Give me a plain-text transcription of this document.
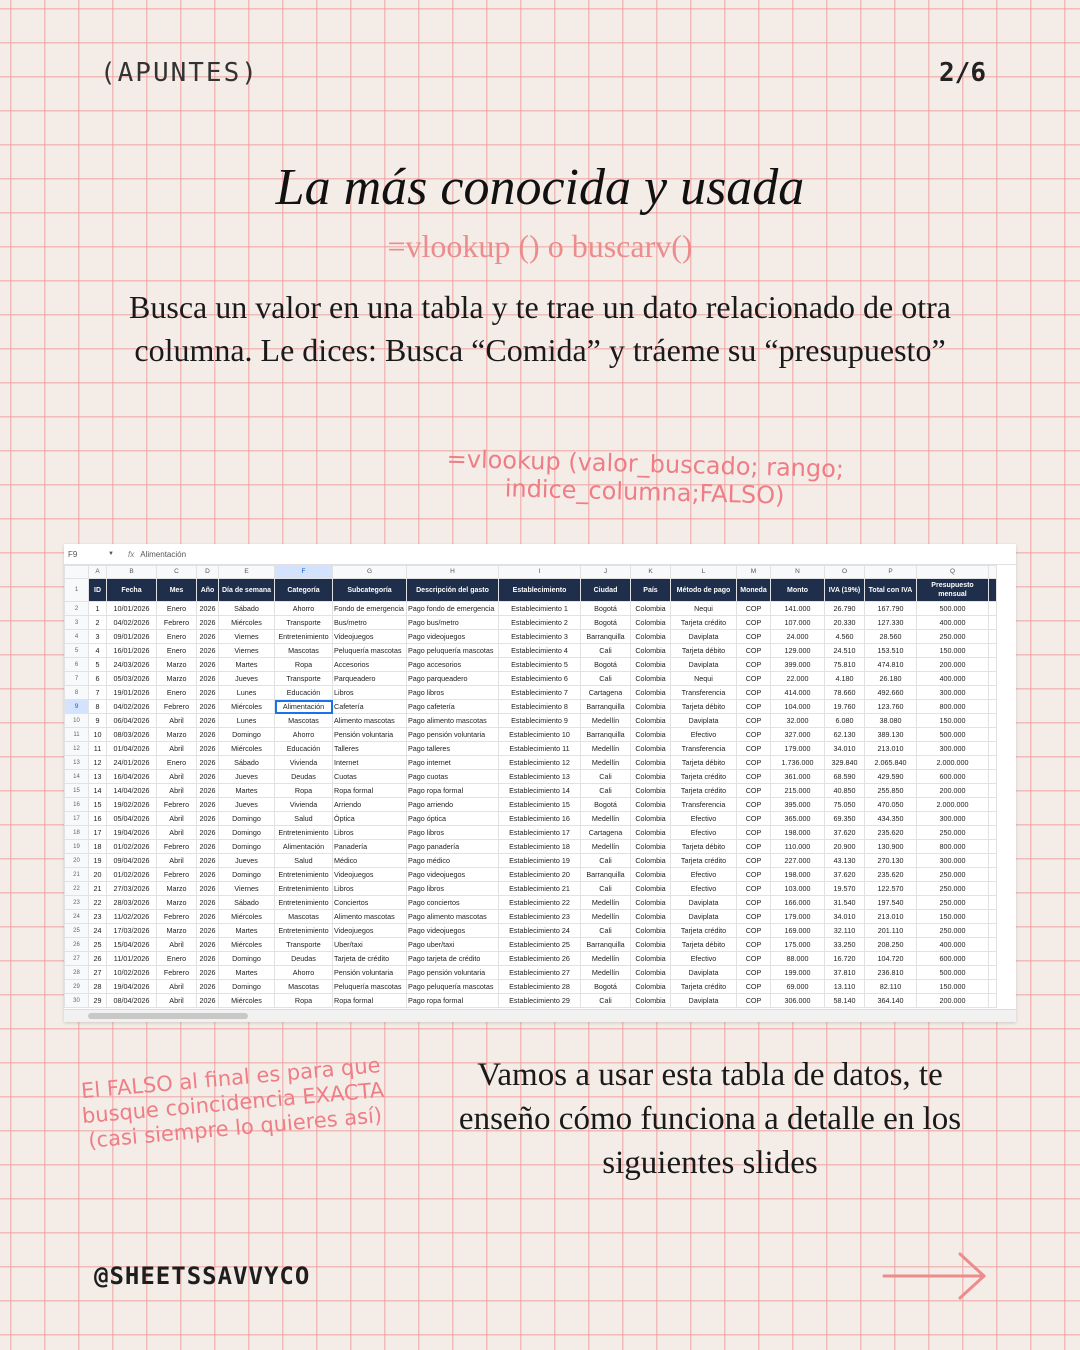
(APUNTES)	2/6
La más conocida y usada
=vlookup () o buscarv()
Busca un valor en una tabla y te trae un dato relacionado de otra columna. Le dices: Busca “Comida” y tráeme su “presupuesto”
=vlookup (valor_buscado; rango;
indice_columna;FALSO)
F9	▼	fx Alimentación
	A	B	C	D	E	F	G	H	I	J	K	L	M	N	O	P	Q	
1	ID	Fecha	Mes	Año	Día de semana	Categoría	Subcategoría	Descripción del gasto	Establecimiento	Ciudad	País	Método de pago	Moneda	Monto	IVA (19%)	Total con IVA	Presupuesto mensual	
2	1	10/01/2026	Enero	2026	Sábado	Ahorro	Fondo de emergencia	Pago fondo de emergencia	Establecimiento 1	Bogotá	Colombia	Nequi	COP	141.000	26.790	167.790	500.000	
3	2	04/02/2026	Febrero	2026	Miércoles	Transporte	Bus/metro	Pago bus/metro	Establecimiento 2	Bogotá	Colombia	Tarjeta crédito	COP	107.000	20.330	127.330	400.000	
4	3	09/01/2026	Enero	2026	Viernes	Entretenimiento	Videojuegos	Pago videojuegos	Establecimiento 3	Barranquilla	Colombia	Daviplata	COP	24.000	4.560	28.560	250.000	
5	4	16/01/2026	Enero	2026	Viernes	Mascotas	Peluquería mascotas	Pago peluquería mascotas	Establecimiento 4	Cali	Colombia	Tarjeta débito	COP	129.000	24.510	153.510	150.000	
6	5	24/03/2026	Marzo	2026	Martes	Ropa	Accesorios	Pago accesorios	Establecimiento 5	Bogotá	Colombia	Daviplata	COP	399.000	75.810	474.810	200.000	
7	6	05/03/2026	Marzo	2026	Jueves	Transporte	Parqueadero	Pago parqueadero	Establecimiento 6	Cali	Colombia	Nequi	COP	22.000	4.180	26.180	400.000	
8	7	19/01/2026	Enero	2026	Lunes	Educación	Libros	Pago libros	Establecimiento 7	Cartagena	Colombia	Transferencia	COP	414.000	78.660	492.660	300.000	
9	8	04/02/2026	Febrero	2026	Miércoles	Alimentación	Cafetería	Pago cafetería	Establecimiento 8	Barranquilla	Colombia	Tarjeta débito	COP	104.000	19.760	123.760	800.000	
10	9	06/04/2026	Abril	2026	Lunes	Mascotas	Alimento mascotas	Pago alimento mascotas	Establecimiento 9	Medellín	Colombia	Daviplata	COP	32.000	6.080	38.080	150.000	
11	10	08/03/2026	Marzo	2026	Domingo	Ahorro	Pensión voluntaria	Pago pensión voluntaria	Establecimiento 10	Barranquilla	Colombia	Efectivo	COP	327.000	62.130	389.130	500.000	
12	11	01/04/2026	Abril	2026	Miércoles	Educación	Talleres	Pago talleres	Establecimiento 11	Medellín	Colombia	Transferencia	COP	179.000	34.010	213.010	300.000	
13	12	24/01/2026	Enero	2026	Sábado	Vivienda	Internet	Pago internet	Establecimiento 12	Medellín	Colombia	Tarjeta débito	COP	1.736.000	329.840	2.065.840	2.000.000	
14	13	16/04/2026	Abril	2026	Jueves	Deudas	Cuotas	Pago cuotas	Establecimiento 13	Cali	Colombia	Tarjeta crédito	COP	361.000	68.590	429.590	600.000	
15	14	14/04/2026	Abril	2026	Martes	Ropa	Ropa formal	Pago ropa formal	Establecimiento 14	Cali	Colombia	Tarjeta crédito	COP	215.000	40.850	255.850	200.000	
16	15	19/02/2026	Febrero	2026	Jueves	Vivienda	Arriendo	Pago arriendo	Establecimiento 15	Bogotá	Colombia	Transferencia	COP	395.000	75.050	470.050	2.000.000	
17	16	05/04/2026	Abril	2026	Domingo	Salud	Óptica	Pago óptica	Establecimiento 16	Medellín	Colombia	Efectivo	COP	365.000	69.350	434.350	300.000	
18	17	19/04/2026	Abril	2026	Domingo	Entretenimiento	Libros	Pago libros	Establecimiento 17	Cartagena	Colombia	Efectivo	COP	198.000	37.620	235.620	250.000	
19	18	01/02/2026	Febrero	2026	Domingo	Alimentación	Panadería	Pago panadería	Establecimiento 18	Medellín	Colombia	Tarjeta débito	COP	110.000	20.900	130.900	800.000	
20	19	09/04/2026	Abril	2026	Jueves	Salud	Médico	Pago médico	Establecimiento 19	Cali	Colombia	Tarjeta crédito	COP	227.000	43.130	270.130	300.000	
21	20	01/02/2026	Febrero	2026	Domingo	Entretenimiento	Videojuegos	Pago videojuegos	Establecimiento 20	Barranquilla	Colombia	Efectivo	COP	198.000	37.620	235.620	250.000	
22	21	27/03/2026	Marzo	2026	Viernes	Entretenimiento	Libros	Pago libros	Establecimiento 21	Cali	Colombia	Efectivo	COP	103.000	19.570	122.570	250.000	
23	22	28/03/2026	Marzo	2026	Sábado	Entretenimiento	Conciertos	Pago conciertos	Establecimiento 22	Medellín	Colombia	Daviplata	COP	166.000	31.540	197.540	250.000	
24	23	11/02/2026	Febrero	2026	Miércoles	Mascotas	Alimento mascotas	Pago alimento mascotas	Establecimiento 23	Medellín	Colombia	Daviplata	COP	179.000	34.010	213.010	150.000	
25	24	17/03/2026	Marzo	2026	Martes	Entretenimiento	Videojuegos	Pago videojuegos	Establecimiento 24	Cali	Colombia	Tarjeta crédito	COP	169.000	32.110	201.110	250.000	
26	25	15/04/2026	Abril	2026	Miércoles	Transporte	Uber/taxi	Pago uber/taxi	Establecimiento 25	Barranquilla	Colombia	Tarjeta débito	COP	175.000	33.250	208.250	400.000	
27	26	11/01/2026	Enero	2026	Domingo	Deudas	Tarjeta de crédito	Pago tarjeta de crédito	Establecimiento 26	Medellín	Colombia	Efectivo	COP	88.000	16.720	104.720	600.000	
28	27	10/02/2026	Febrero	2026	Martes	Ahorro	Pensión voluntaria	Pago pensión voluntaria	Establecimiento 27	Medellín	Colombia	Daviplata	COP	199.000	37.810	236.810	500.000	
29	28	19/04/2026	Abril	2026	Domingo	Mascotas	Peluquería mascotas	Pago peluquería mascotas	Establecimiento 28	Bogotá	Colombia	Tarjeta crédito	COP	69.000	13.110	82.110	150.000	
30	29	08/04/2026	Abril	2026	Miércoles	Ropa	Ropa formal	Pago ropa formal	Establecimiento 29	Cali	Colombia	Daviplata	COP	306.000	58.140	364.140	200.000	
El FALSO al final es para que busque coincidencia EXACTA (casi siempre lo quieres así)
Vamos a usar esta tabla de datos, te enseño cómo funciona a detalle en los siguientes slides
@SHEETSSAVVYCO
